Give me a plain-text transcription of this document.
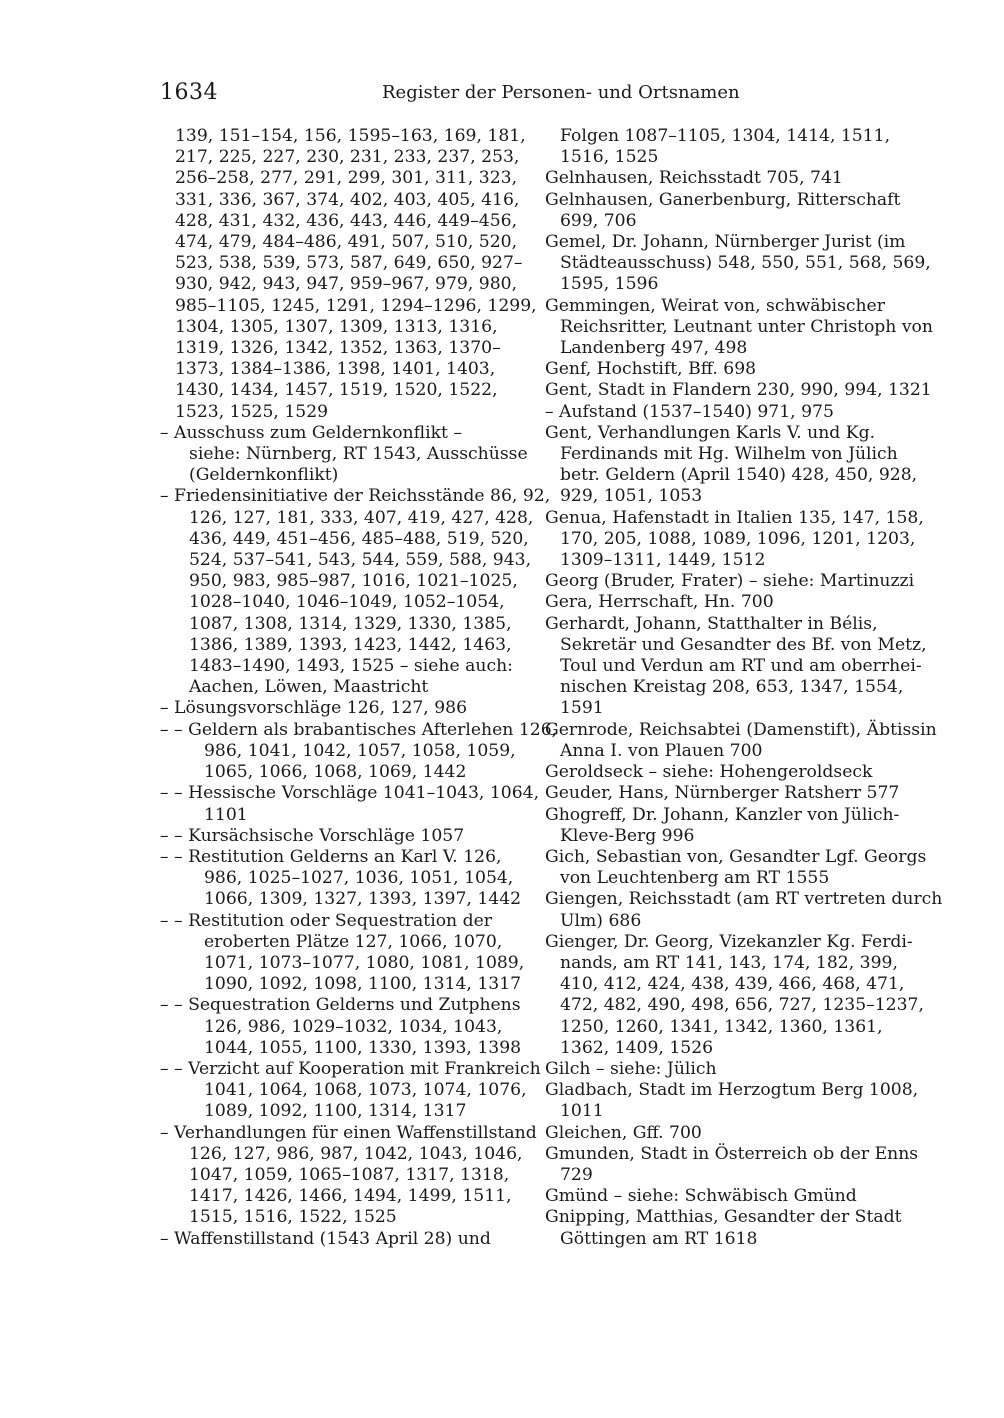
1634	Register der Personen- und Ortsnamen
139, 151–154, 156, 1595–163, 169, 181,
217, 225, 227, 230, 231, 233, 237, 253,
256–258, 277, 291, 299, 301, 311, 323,
331, 336, 367, 374, 402, 403, 405, 416,
428, 431, 432, 436, 443, 446, 449–456,
474, 479, 484–486, 491, 507, 510, 520,
523, 538, 539, 573, 587, 649, 650, 927–
930, 942, 943, 947, 959–967, 979, 980,
985–1105, 1245, 1291, 1294–1296, 1299,
1304, 1305, 1307, 1309, 1313, 1316,
1319, 1326, 1342, 1352, 1363, 1370–
1373, 1384–1386, 1398, 1401, 1403,
1430, 1434, 1457, 1519, 1520, 1522,
1523, 1525, 1529
– Ausschuss zum Geldernkonflikt –
siehe: Nürnberg, RT 1543, Ausschüsse
(Geldernkonflikt)
– Friedensinitiative der Reichsstände 86, 92,
126, 127, 181, 333, 407, 419, 427, 428,
436, 449, 451–456, 485–488, 519, 520,
524, 537–541, 543, 544, 559, 588, 943,
950, 983, 985–987, 1016, 1021–1025,
1028–1040, 1046–1049, 1052–1054,
1087, 1308, 1314, 1329, 1330, 1385,
1386, 1389, 1393, 1423, 1442, 1463,
1483–1490, 1493, 1525 – siehe auch:
Aachen, Löwen, Maastricht
– Lösungsvorschläge 126, 127, 986
– – Geldern als brabantisches Afterlehen 126,
986, 1041, 1042, 1057, 1058, 1059,
1065, 1066, 1068, 1069, 1442
– – Hessische Vorschläge 1041–1043, 1064,
1101
– – Kursächsische Vorschläge 1057
– – Restitution Gelderns an Karl V. 126,
986, 1025–1027, 1036, 1051, 1054,
1066, 1309, 1327, 1393, 1397, 1442
– – Restitution oder Sequestration der
eroberten Plätze 127, 1066, 1070,
1071, 1073–1077, 1080, 1081, 1089,
1090, 1092, 1098, 1100, 1314, 1317
– – Sequestration Gelderns und Zutphens
126, 986, 1029–1032, 1034, 1043,
1044, 1055, 1100, 1330, 1393, 1398
– – Verzicht auf Kooperation mit Frankreich
1041, 1064, 1068, 1073, 1074, 1076,
1089, 1092, 1100, 1314, 1317
– Verhandlungen für einen Waffenstillstand
126, 127, 986, 987, 1042, 1043, 1046,
1047, 1059, 1065–1087, 1317, 1318,
1417, 1426, 1466, 1494, 1499, 1511,
1515, 1516, 1522, 1525
– Waffenstillstand (1543 April 28) und
Folgen 1087–1105, 1304, 1414, 1511,
1516, 1525
Gelnhausen, Reichsstadt 705, 741
Gelnhausen, Ganerbenburg, Ritterschaft
699, 706
Gemel, Dr. Johann, Nürnberger Jurist (im
Städteausschuss) 548, 550, 551, 568, 569,
1595, 1596
Gemmingen, Weirat von, schwäbischer
Reichsritter, Leutnant unter Christoph von
Landenberg 497, 498
Genf, Hochstift, Bff. 698
Gent, Stadt in Flandern 230, 990, 994, 1321
– Aufstand (1537–1540) 971, 975
Gent, Verhandlungen Karls V. und Kg.
Ferdinands mit Hg. Wilhelm von Jülich
betr. Geldern (April 1540) 428, 450, 928,
929, 1051, 1053
Genua, Hafenstadt in Italien 135, 147, 158,
170, 205, 1088, 1089, 1096, 1201, 1203,
1309–1311, 1449, 1512
Georg (Bruder, Frater) – siehe: Martinuzzi
Gera, Herrschaft, Hn. 700
Gerhardt, Johann, Statthalter in Bélis,
Sekretär und Gesandter des Bf. von Metz,
Toul und Verdun am RT und am oberrhei-
nischen Kreistag 208, 653, 1347, 1554,
1591
Gernrode, Reichsabtei (Damenstift), Äbtissin
Anna I. von Plauen 700
Geroldseck – siehe: Hohengeroldseck
Geuder, Hans, Nürnberger Ratsherr 577
Ghogreff, Dr. Johann, Kanzler von Jülich-
Kleve-Berg 996
Gich, Sebastian von, Gesandter Lgf. Georgs
von Leuchtenberg am RT 1555
Giengen, Reichsstadt (am RT vertreten durch
Ulm) 686
Gienger, Dr. Georg, Vizekanzler Kg. Ferdi-
nands, am RT 141, 143, 174, 182, 399,
410, 412, 424, 438, 439, 466, 468, 471,
472, 482, 490, 498, 656, 727, 1235–1237,
1250, 1260, 1341, 1342, 1360, 1361,
1362, 1409, 1526
Gilch – siehe: Jülich
Gladbach, Stadt im Herzogtum Berg 1008,
1011
Gleichen, Gff. 700
Gmunden, Stadt in Österreich ob der Enns
729
Gmünd – siehe: Schwäbisch Gmünd
Gnipping, Matthias, Gesandter der Stadt
Göttingen am RT 1618
